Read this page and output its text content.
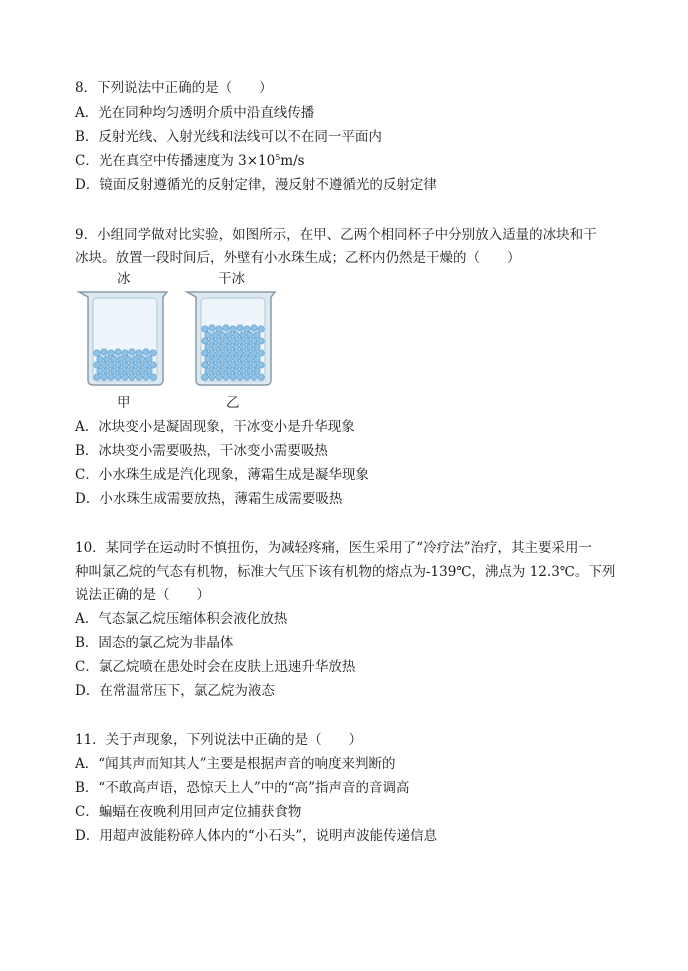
8．下列说法中正确的是（　　）
A．光在同种均匀透明介质中沿直线传播
B．反射光线、入射光线和法线可以不在同一平面内
C．光在真空中传播速度为 $3\times 10^5m/s$
D．镜面反射遵循光的反射定律，漫反射不遵循光的反射定律
9．小组同学做对比实验，如图所示，在甲、乙两个相同杯子中分别放入适量的冰块和干
冰块。放置一段时间后，外壁有小水珠生成；乙杯内仍然是干燥的（　　）
冰	干冰
甲	乙
A．冰块变小是凝固现象，干冰变小是升华现象
B．冰块变小需要吸热，干冰变小需要吸热
C．小水珠生成是汽化现象，薄霜生成是凝华现象
D．小水珠生成需要放热，薄霜生成需要吸热
10．某同学在运动时不慎扭伤，为减轻疼痛，医生采用了“冷疗法”治疗，其主要采用一
种叫氯乙烷的气态有机物，标准大气压下该有机物的熔点为-139℃，沸点为 12.3℃。下列
说法正确的是（　　）
A．气态氯乙烷压缩体积会液化放热
B．固态的氯乙烷为非晶体
C．氯乙烷喷在患处时会在皮肤上迅速升华放热
D．在常温常压下，氯乙烷为液态
11．关于声现象，下列说法中正确的是（　　）
A．“闻其声而知其人”主要是根据声音的响度来判断的
B．“不敢高声语，恐惊天上人”中的“高”指声音的音调高
C．蝙蝠在夜晚利用回声定位捕获食物
D．用超声波能粉碎人体内的“小石头”，说明声波能传递信息
